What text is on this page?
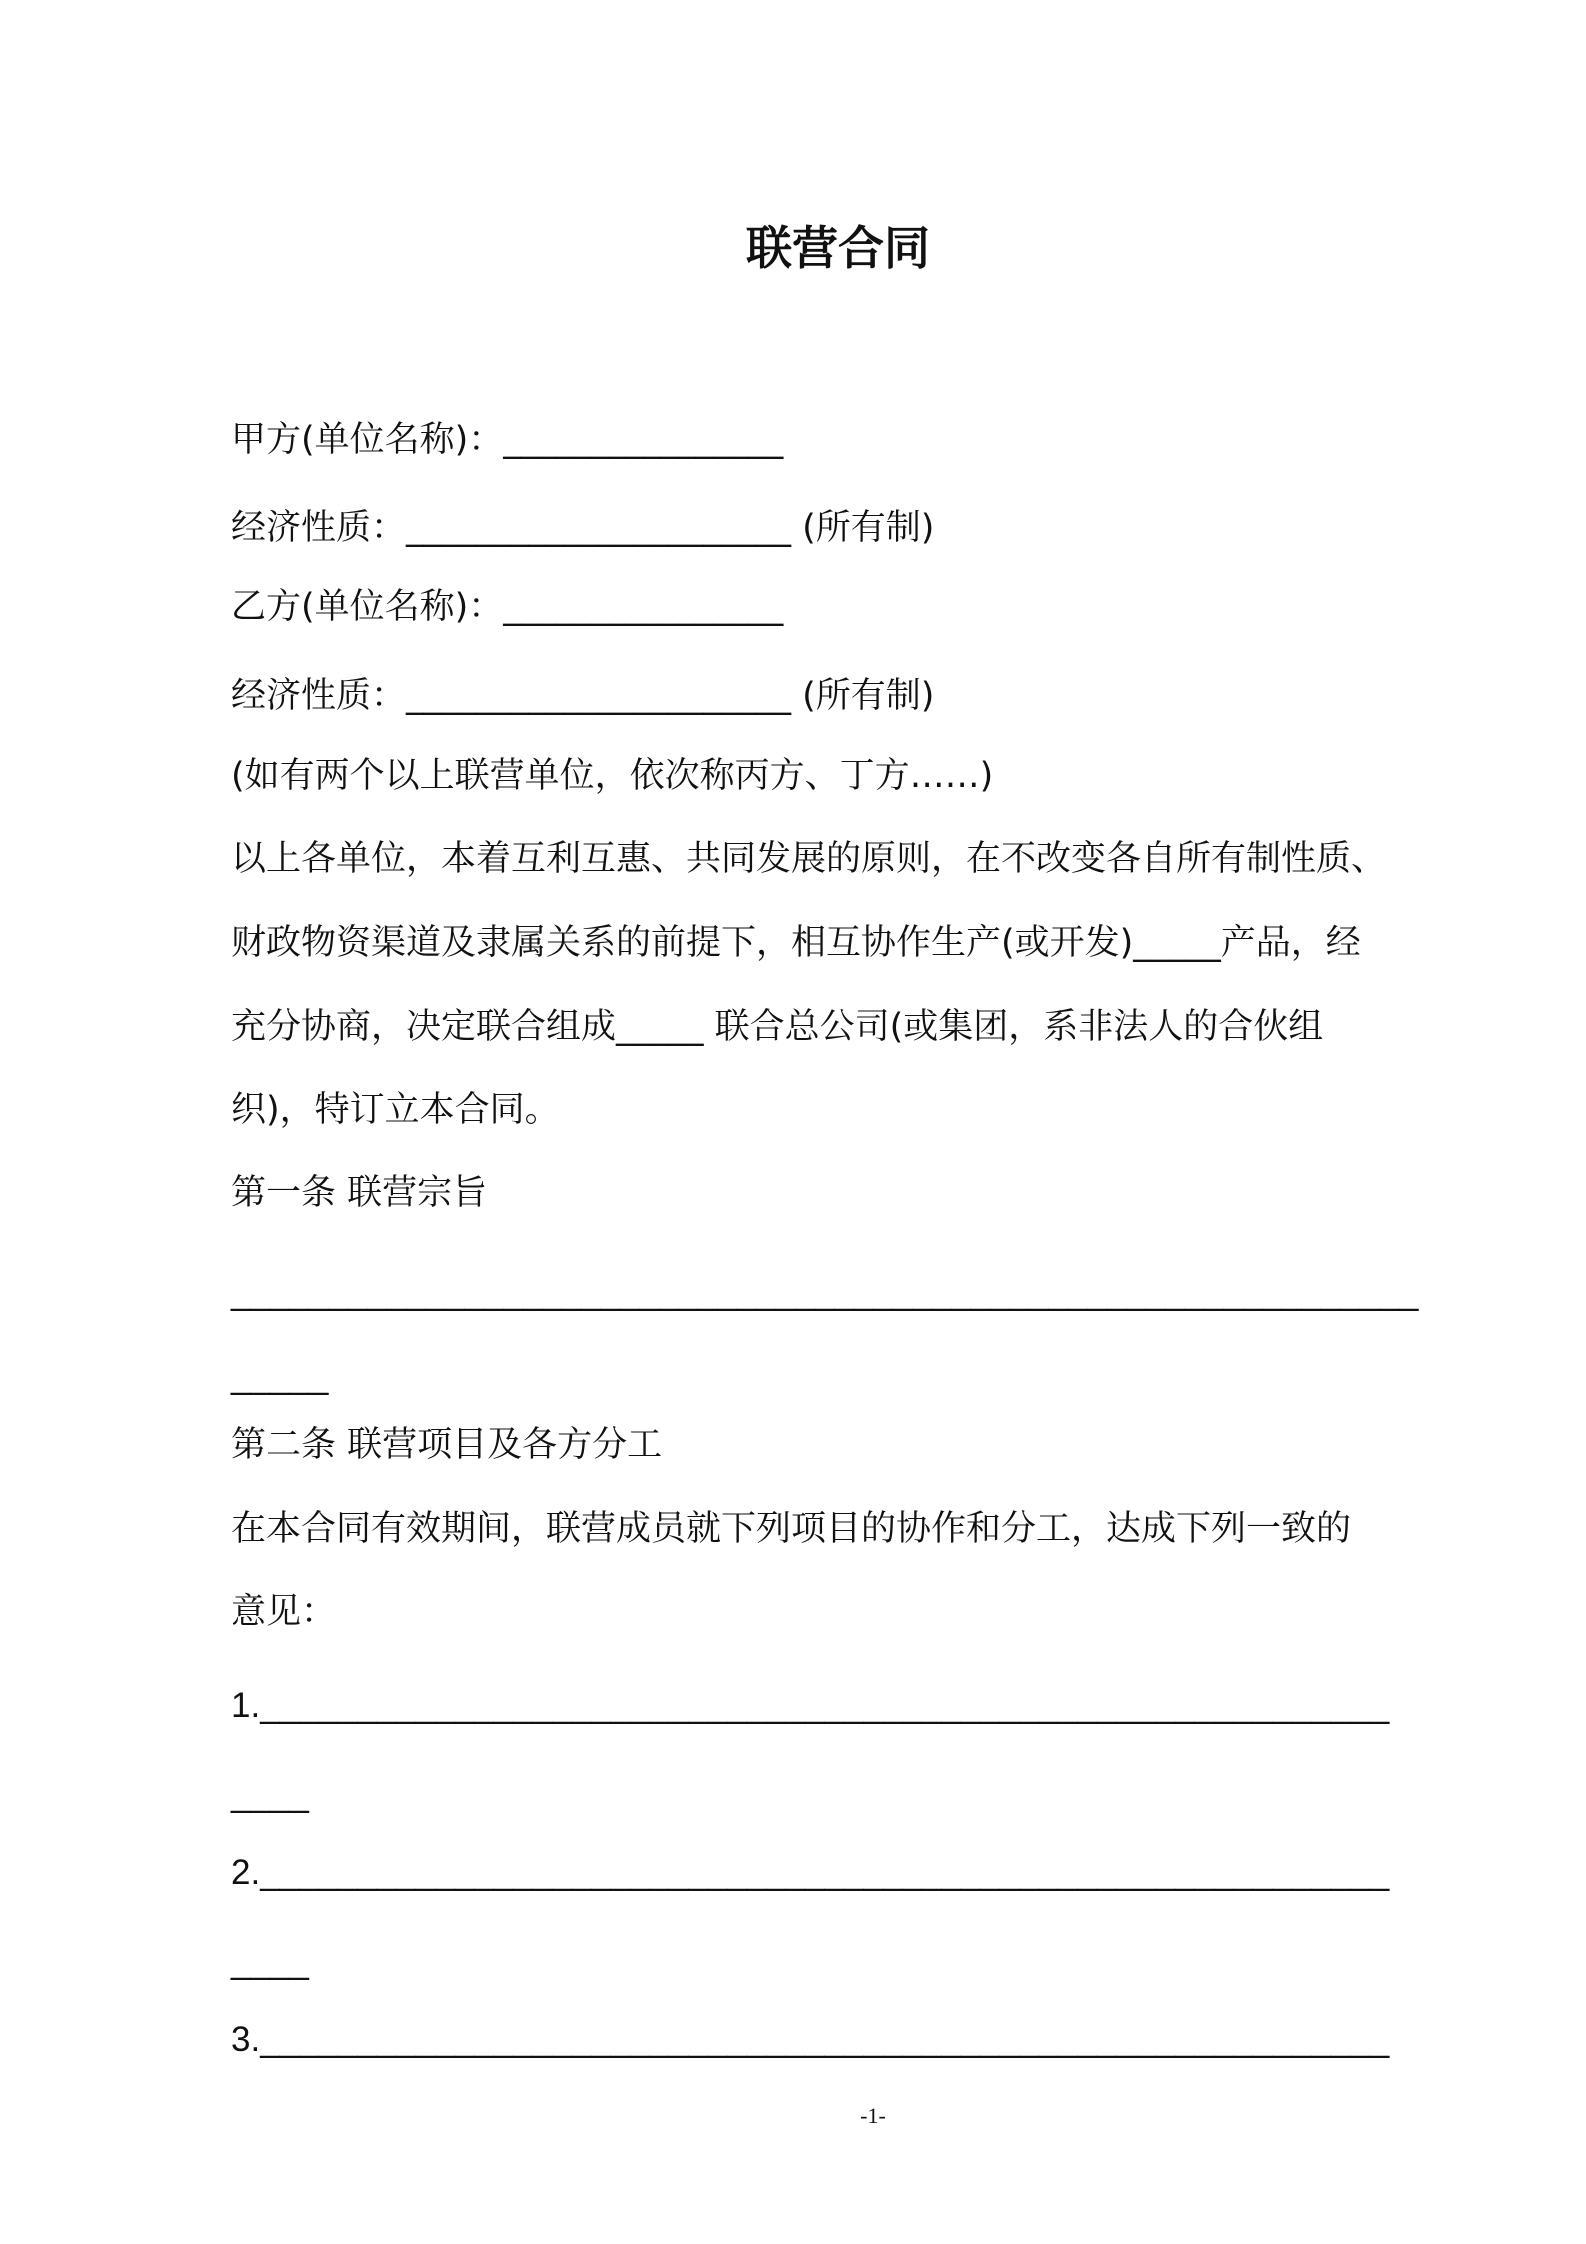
联营合同
甲方(单位名称)：________________
经济性质：______________________ (所有制)
乙方(单位名称)：________________
经济性质：______________________ (所有制)
(如有两个以上联营单位，依次称丙方、丁方……)
以上各单位，本着互利互惠、共同发展的原则，在不改变各自所有制性质、
财政物资渠道及隶属关系的前提下，相互协作生产(或开发)_____产品，经
充分协商，决定联合组成_____ 联合总公司(或集团，系非法人的合伙组
织)，特订立本合同。
第一条 联营宗旨
_____________________________________________________________
_____
第二条 联营项目及各方分工
在本合同有效期间，联营成员就下列项目的协作和分工，达成下列一致的
意见：
1.__________________________________________________________
____
2.__________________________________________________________
____
3.__________________________________________________________
-1-
